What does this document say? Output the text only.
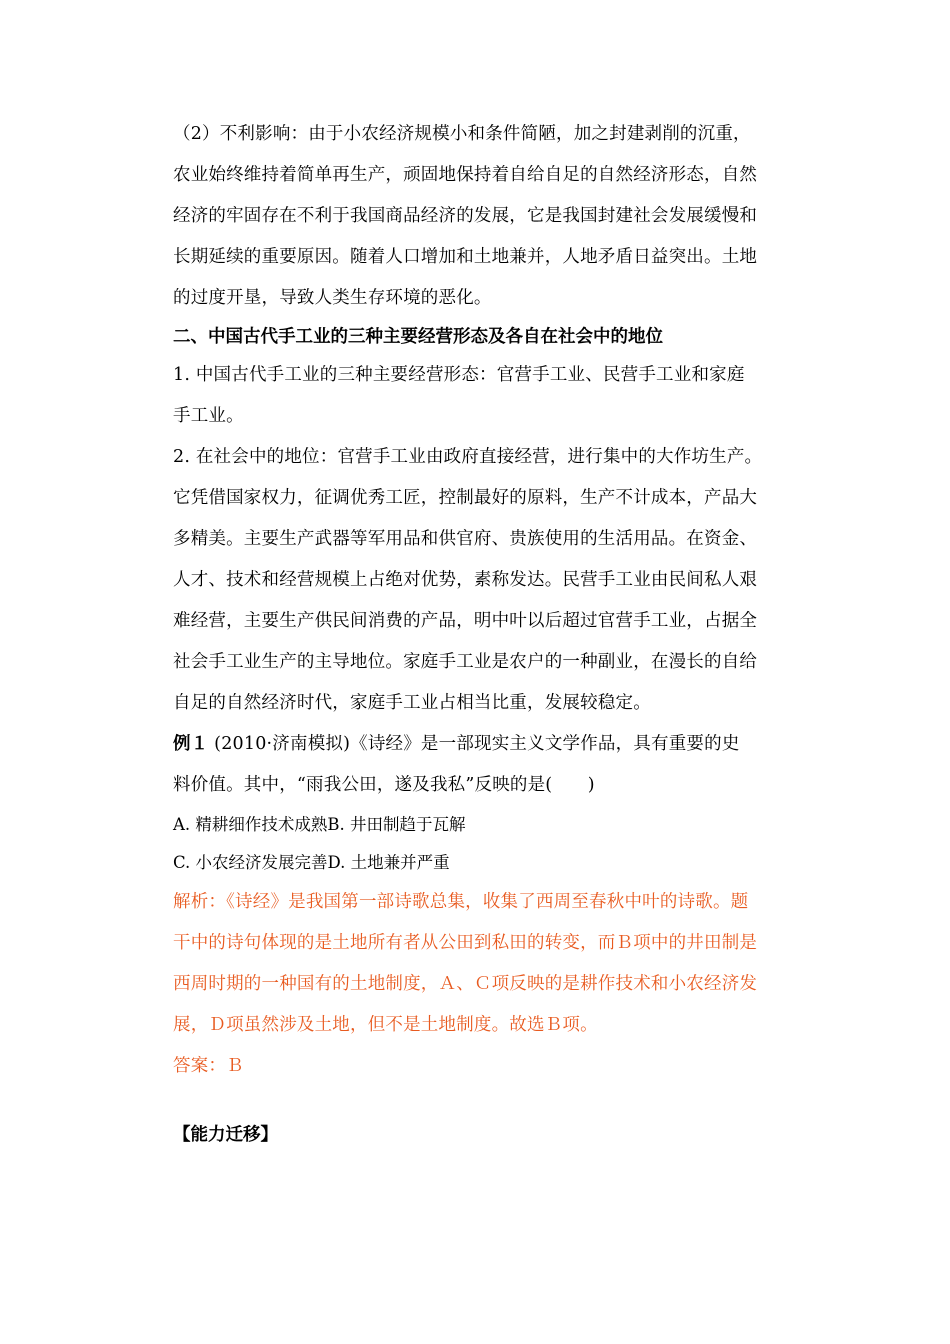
（2）不利影响：由于小农经济规模小和条件简陋，加之封建剥削的沉重，
农业始终维持着简单再生产，顽固地保持着自给自足的自然经济形态，自然
经济的牢固存在不利于我国商品经济的发展，它是我国封建社会发展缓慢和
长期延续的重要原因。随着人口增加和土地兼并，人地矛盾日益突出。土地
的过度开垦，导致人类生存环境的恶化。
二、中国古代手工业的三种主要经营形态及各自在社会中的地位
1. 中国古代手工业的三种主要经营形态：官营手工业、民营手工业和家庭
手工业。
2. 在社会中的地位：官营手工业由政府直接经营，进行集中的大作坊生产。
它凭借国家权力，征调优秀工匠，控制最好的原料，生产不计成本，产品大
多精美。主要生产武器等军用品和供官府、贵族使用的生活用品。在资金、
人才、技术和经营规模上占绝对优势，素称发达。民营手工业由民间私人艰
难经营，主要生产供民间消费的产品，明中叶以后超过官营手工业，占据全
社会手工业生产的主导地位。家庭手工业是农户的一种副业，在漫长的自给
自足的自然经济时代，家庭手工业占相当比重，发展较稳定。
例１ (2010·济南模拟)《诗经》是一部现实主义文学作品，具有重要的史
料价值。其中，“雨我公田，遂及我私”反映的是(　　)
A. 精耕细作技术成熟B. 井田制趋于瓦解
C. 小农经济发展完善D. 土地兼并严重
解析：《诗经》是我国第一部诗歌总集，收集了西周至春秋中叶的诗歌。题
干中的诗句体现的是土地所有者从公田到私田的转变，而Ｂ项中的井田制是
西周时期的一种国有的土地制度，Ａ、Ｃ项反映的是耕作技术和小农经济发
展，Ｄ项虽然涉及土地，但不是土地制度。故选Ｂ项。
答案：Ｂ
【能力迁移】
